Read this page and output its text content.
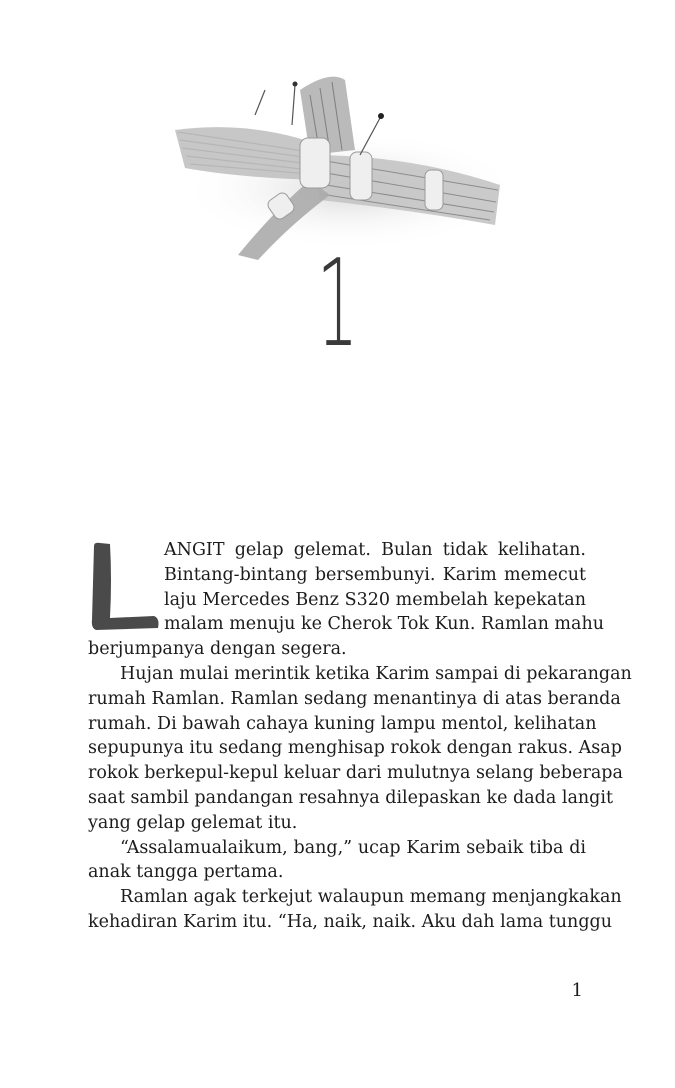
1
ANGIT gelap gelemat. Bulan tidak kelihatan.
Bintang-bintang bersembunyi. Karim memecut
laju Mercedes Benz S320 membelah kepekatan
malam menuju ke Cherok Tok Kun. Ramlan mahu
berjumpanya dengan segera.
Hujan mulai merintik ketika Karim sampai di pekarangan
rumah Ramlan. Ramlan sedang menantinya di atas beranda
rumah. Di bawah cahaya kuning lampu mentol, kelihatan
sepupunya itu sedang menghisap rokok dengan rakus. Asap
rokok berkepul-kepul keluar dari mulutnya selang beberapa
saat sambil pandangan resahnya dilepaskan ke dada langit
yang gelap gelemat itu.
“Assalamualaikum, bang,” ucap Karim sebaik tiba di
anak tangga pertama.
Ramlan agak terkejut walaupun memang menjangkakan
kehadiran Karim itu. “Ha, naik, naik. Aku dah lama tunggu
1
